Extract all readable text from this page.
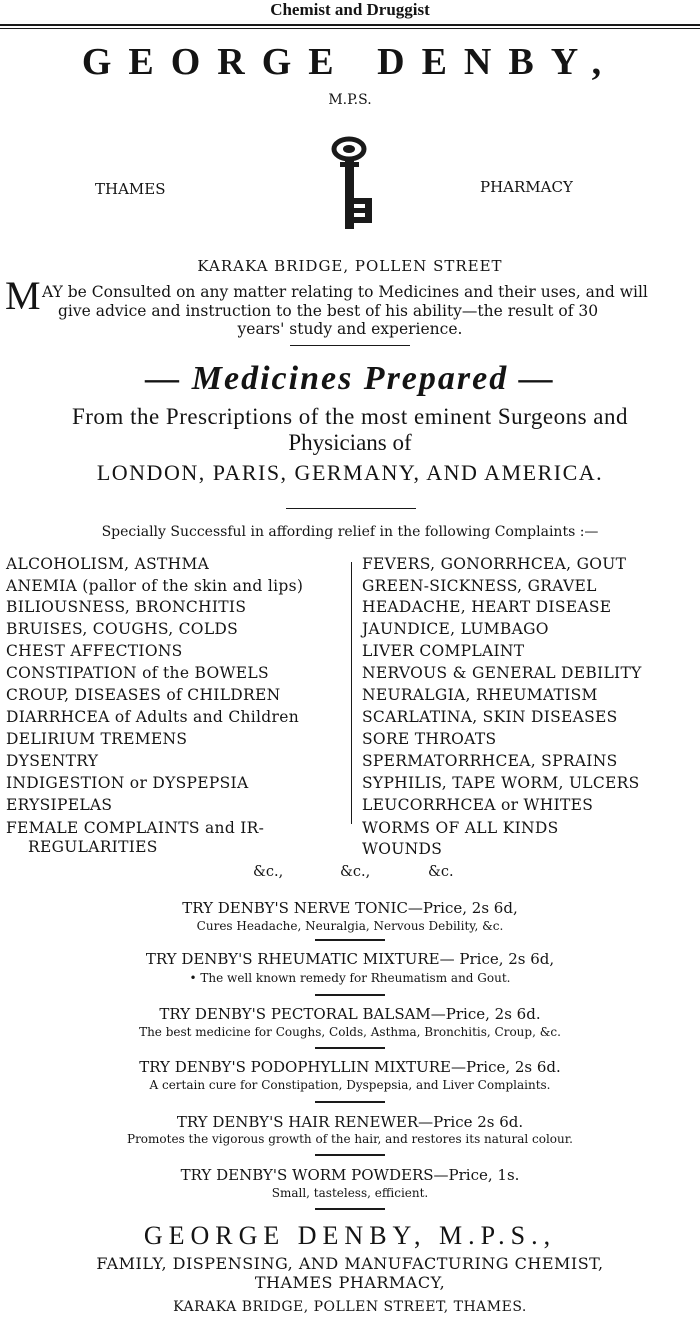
Chemist and Druggist
GEORGE DENBY,
M.P.S.
THAMES	PHARMACY
KARAKA BRIDGE, POLLEN STREET
M AY be Consulted on any matter relating to Medicines and their uses, and will
give advice and instruction to the best of his ability—the result of 30
years' study and experience.
— Medicines Prepared —
From the Prescriptions of the most eminent Surgeons and
Physicians of
LONDON, PARIS, GERMANY, AND AMERICA.
Specially Successful in affording relief in the following Complaints :—
ALCOHOLISM, ASTHMA
ANEMIA (pallor of the skin and lips)
BILIOUSNESS, BRONCHITIS
BRUISES, COUGHS, COLDS
CHEST AFFECTIONS
CONSTIPATION of the BOWELS
CROUP, DISEASES of CHILDREN
DIARRHCEA of Adults and Children
DELIRIUM TREMENS
DYSENTRY
INDIGESTION or DYSPEPSIA
ERYSIPELAS
FEMALE COMPLAINTS and IR-
REGULARITIES
FEVERS, GONORRHCEA, GOUT
GREEN-SICKNESS, GRAVEL
HEADACHE, HEART DISEASE
JAUNDICE, LUMBAGO
LIVER COMPLAINT
NERVOUS & GENERAL DEBILITY
NEURALGIA, RHEUMATISM
SCARLATINA, SKIN DISEASES
SORE THROATS
SPERMATORRHCEA, SPRAINS
SYPHILIS, TAPE WORM, ULCERS
LEUCORRHCEA or WHITES
WORMS OF ALL KINDS
WOUNDS
&c.,	&c.,	&c.
TRY DENBY'S NERVE TONIC—Price, 2s 6d,
Cures Headache, Neuralgia, Nervous Debility, &c.
TRY DENBY'S RHEUMATIC MIXTURE— Price, 2s 6d,
• The well known remedy for Rheumatism and Gout.
TRY DENBY'S PECTORAL BALSAM—Price, 2s 6d.
The best medicine for Coughs, Colds, Asthma, Bronchitis, Croup, &c.
TRY DENBY'S PODOPHYLLIN MIXTURE—Price, 2s 6d.
A certain cure for Constipation, Dyspepsia, and Liver Complaints.
TRY DENBY'S HAIR RENEWER—Price 2s 6d.
Promotes the vigorous growth of the hair, and restores its natural colour.
TRY DENBY'S WORM POWDERS—Price, 1s.
Small, tasteless, efficient.
GEORGE DENBY, M.P.S.,
FAMILY, DISPENSING, AND MANUFACTURING CHEMIST,
THAMES PHARMACY,
KARAKA BRIDGE, POLLEN STREET, THAMES.
